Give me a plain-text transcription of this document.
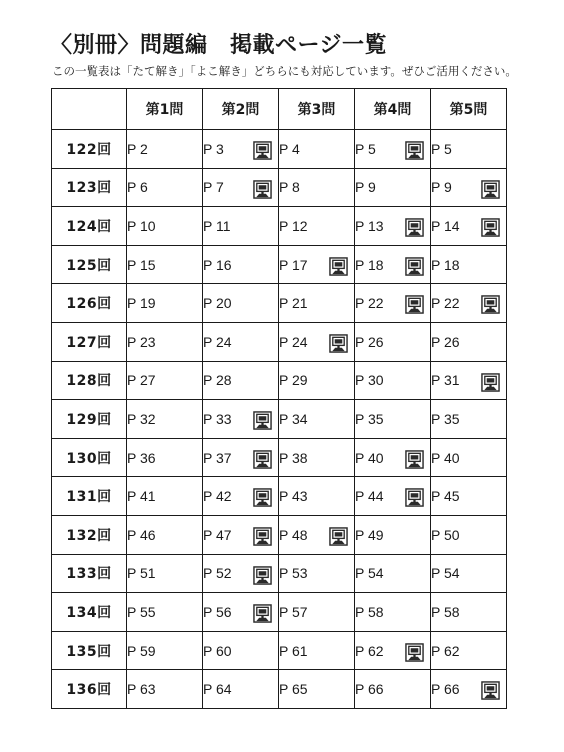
〈別冊〉問題編　掲載ページ一覧
この一覧表は「たて解き」「よこ解き」どちらにも対応しています。ぜひご活用ください。
	第1問	第2問	第3問	第4問	第5問
122回	P 2	P 3	P 4	P 5	P 5
123回	P 6	P 7	P 8	P 9	P 9

124回	P 10	P 11	P 12	P 13	P 14

125回	P 15	P 16	P 17	P 18	P 18
126回	P 19	P 20	P 21	P 22	P 22

127回	P 23	P 24	P 24	P 26	P 26
128回	P 27	P 28	P 29	P 30	P 31

129回	P 32	P 33	P 34	P 35	P 35
130回	P 36	P 37	P 38	P 40	P 40
131回	P 41	P 42	P 43	P 44	P 45
132回	P 46	P 47	P 48	P 49	P 50
133回	P 51	P 52	P 53	P 54	P 54
134回	P 55	P 56	P 57	P 58	P 58
135回	P 59	P 60	P 61	P 62	P 62
136回	P 63	P 64	P 65	P 66	P 66
